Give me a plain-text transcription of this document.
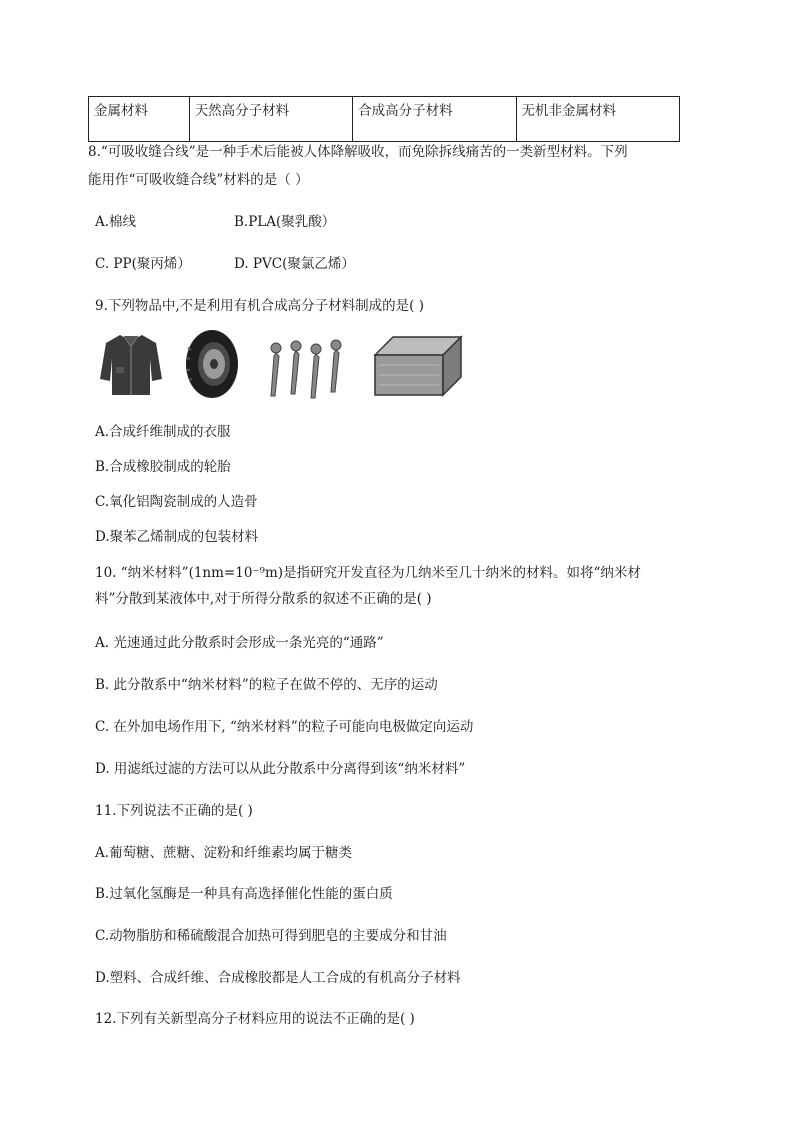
金属材料	天然高分子材料	合成高分子材料	无机非金属材料
8.“可吸收缝合线”是一种手术后能被人体降解吸收，而免除拆线痛苦的一类新型材料。下列
能用作“可吸收缝合线”材料的是（ ）
A.棉线	B.PLA(聚乳酸）
C. PP(聚丙烯）	D. PVC(聚氯乙烯）
9.下列物品中,不是利用有机合成高分子材料制成的是( )
A.合成纤维制成的衣服
B.合成橡胶制成的轮胎
C.氧化铝陶瓷制成的人造骨
D.聚苯乙烯制成的包装材料
10. “纳米材料”(1nm=10⁻⁹m)是指研究开发直径为几纳米至几十纳米的材料。如将“纳米材
料”分散到某液体中,对于所得分散系的叙述不正确的是( )
A. 光速通过此分散系时会形成一条光亮的“通路”
B. 此分散系中“纳米材料”的粒子在做不停的、无序的运动
C. 在外加电场作用下, “纳米材料”的粒子可能向电极做定向运动
D. 用滤纸过滤的方法可以从此分散系中分离得到该“纳米材料”
11.下列说法不正确的是( )
A.葡萄糖、蔗糖、淀粉和纤维素均属于糖类
B.过氧化氢酶是一种具有高选择催化性能的蛋白质
C.动物脂肪和稀硫酸混合加热可得到肥皂的主要成分和甘油
D.塑料、合成纤维、合成橡胶都是人工合成的有机高分子材料
12.下列有关新型高分子材料应用的说法不正确的是( )
